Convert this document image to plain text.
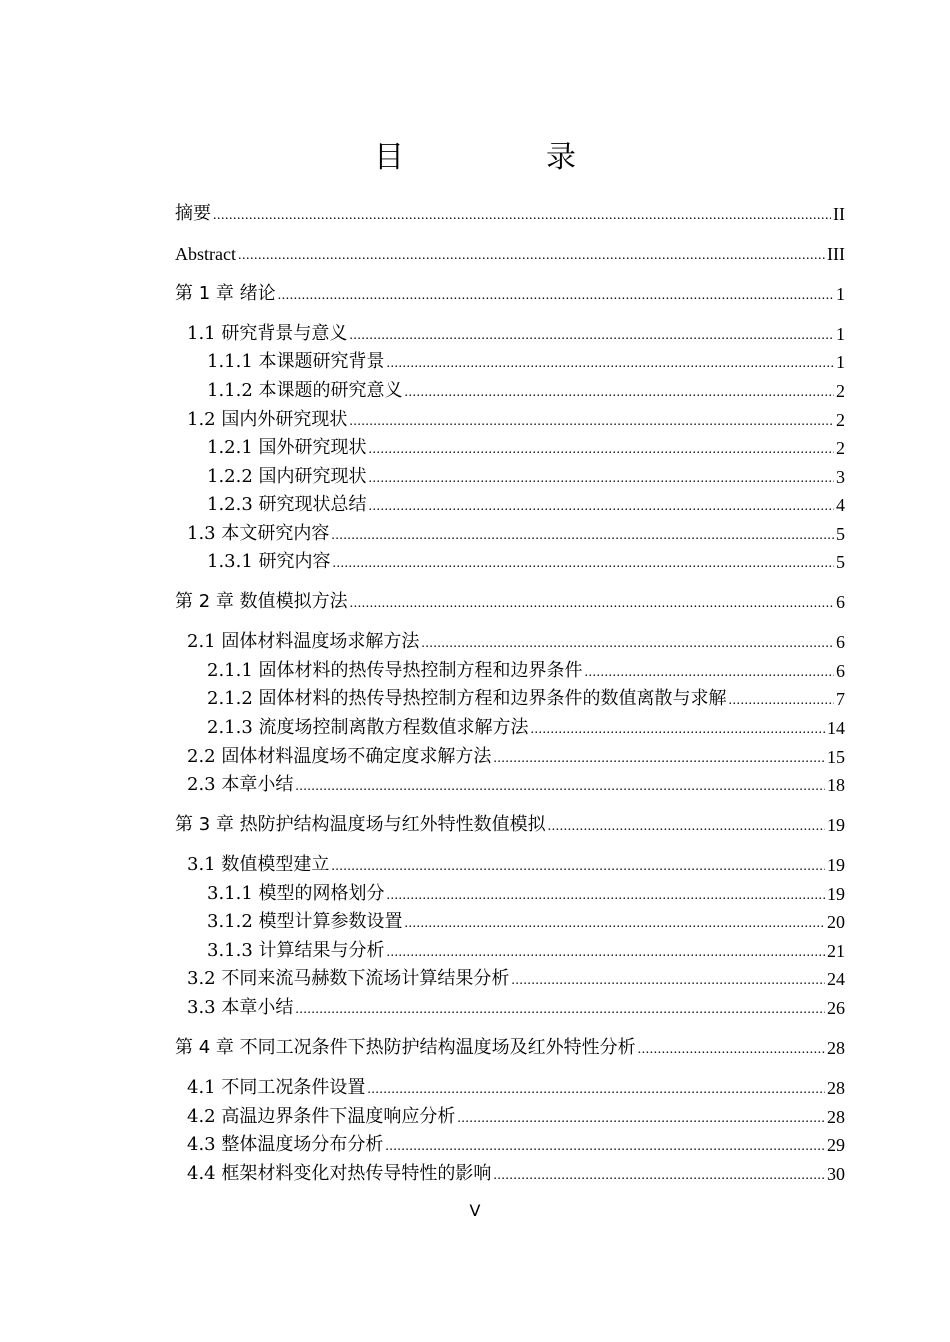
目　录
摘要 .....	II
Abstract .....	III
第 1 章 绪论 .....	1
1.1 研究背景与意义 .....	1
1.1.1 本课题研究背景 .....	1
1.1.2 本课题的研究意义 .....	2
1.2 国内外研究现状 .....	2
1.2.1 国外研究现状 .....	2
1.2.2 国内研究现状 .....	3
1.2.3 研究现状总结 .....	4
1.3 本文研究内容 .....	5
1.3.1 研究内容 .....	5
第 2 章 数值模拟方法 .....	6
2.1 固体材料温度场求解方法 .....	6
2.1.1 固体材料的热传导热控制方程和边界条件 .....	6
2.1.2 固体材料的热传导热控制方程和边界条件的数值离散与求解 .....	7
2.1.3 流度场控制离散方程数值求解方法 .....	14
2.2 固体材料温度场不确定度求解方法 .....	15
2.3 本章小结 .....	18
第 3 章 热防护结构温度场与红外特性数值模拟 .....	19
3.1 数值模型建立 .....	19
3.1.1 模型的网格划分 .....	19
3.1.2 模型计算参数设置 .....	20
3.1.3 计算结果与分析 .....	21
3.2 不同来流马赫数下流场计算结果分析 .....	24
3.3 本章小结 .....	26
第 4 章 不同工况条件下热防护结构温度场及红外特性分析 .....	28
4.1 不同工况条件设置 .....	28
4.2 高温边界条件下温度响应分析 .....	28
4.3 整体温度场分布分析 .....	29
4.4 框架材料变化对热传导特性的影响 .....	30
V
